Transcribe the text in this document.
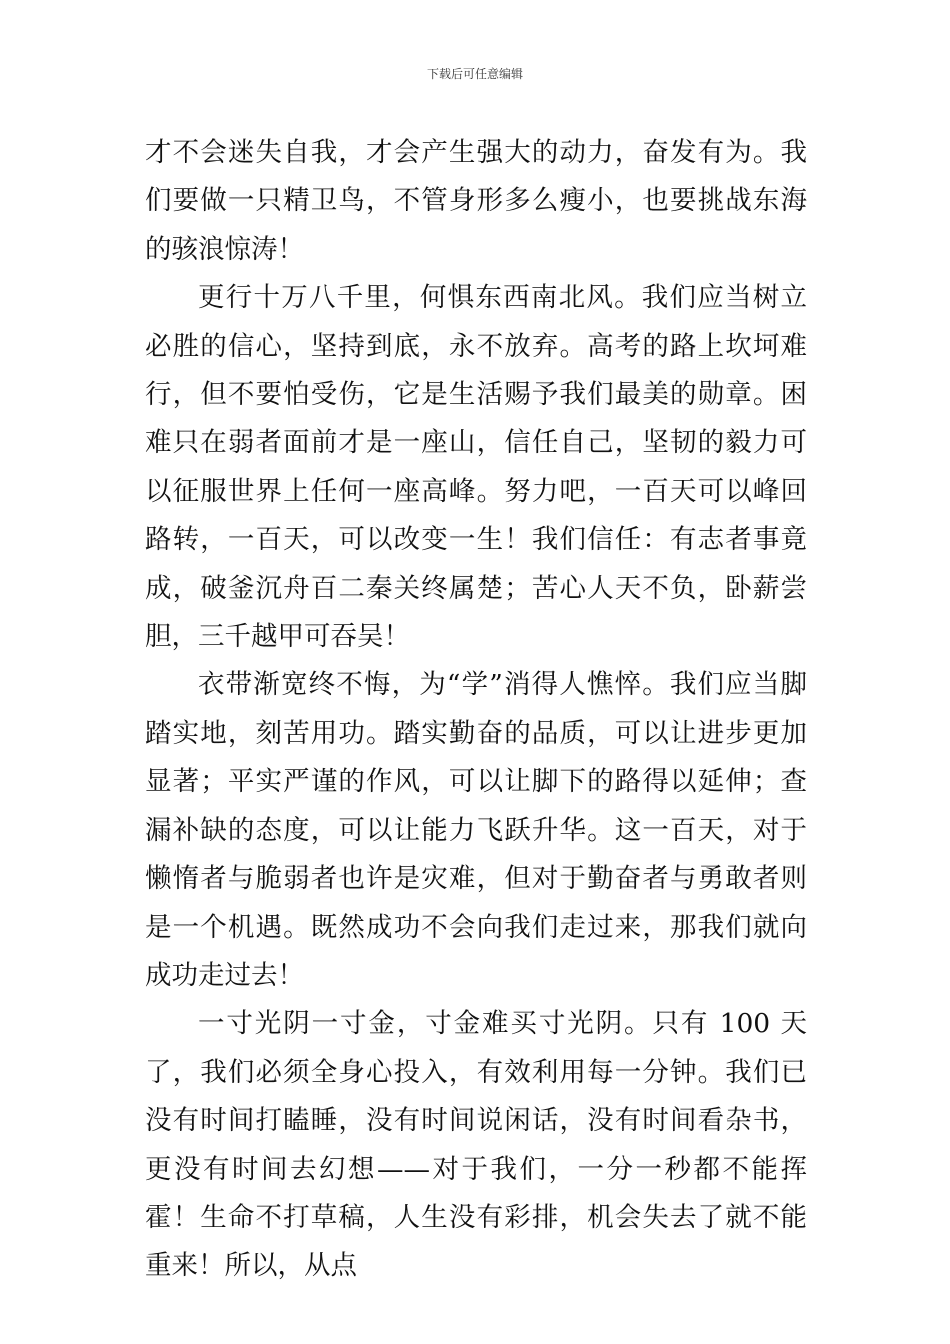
下载后可任意编辑

才不会迷失自我，才会产生强大的动力，奋发有为。我们要做一只精卫鸟，不管身形多么瘦小，也要挑战东海的骇浪惊涛！

更行十万八千里，何惧东西南北风。我们应当树立必胜的信心，坚持到底，永不放弃。高考的路上坎坷难行，但不要怕受伤，它是生活赐予我们最美的勋章。困难只在弱者面前才是一座山，信任自己，坚韧的毅力可以征服世界上任何一座高峰。努力吧，一百天可以峰回路转，一百天，可以改变一生！我们信任：有志者事竟成，破釜沉舟百二秦关终属楚；苦心人天不负，卧薪尝胆，三千越甲可吞吴！

衣带渐宽终不悔，为“学”消得人憔悴。我们应当脚踏实地，刻苦用功。踏实勤奋的品质，可以让进步更加显著；平实严谨的作风，可以让脚下的路得以延伸；查漏补缺的态度，可以让能力飞跃升华。这一百天，对于懒惰者与脆弱者也许是灾难，但对于勤奋者与勇敢者则是一个机遇。既然成功不会向我们走过来，那我们就向成功走过去！

一寸光阴一寸金，寸金难买寸光阴。只有 100 天了，我们必须全身心投入，有效利用每一分钟。我们已没有时间打瞌睡，没有时间说闲话，没有时间看杂书，更没有时间去幻想——对于我们，一分一秒都不能挥霍！生命不打草稿，人生没有彩排，机会失去了就不能重来！所以，从点
